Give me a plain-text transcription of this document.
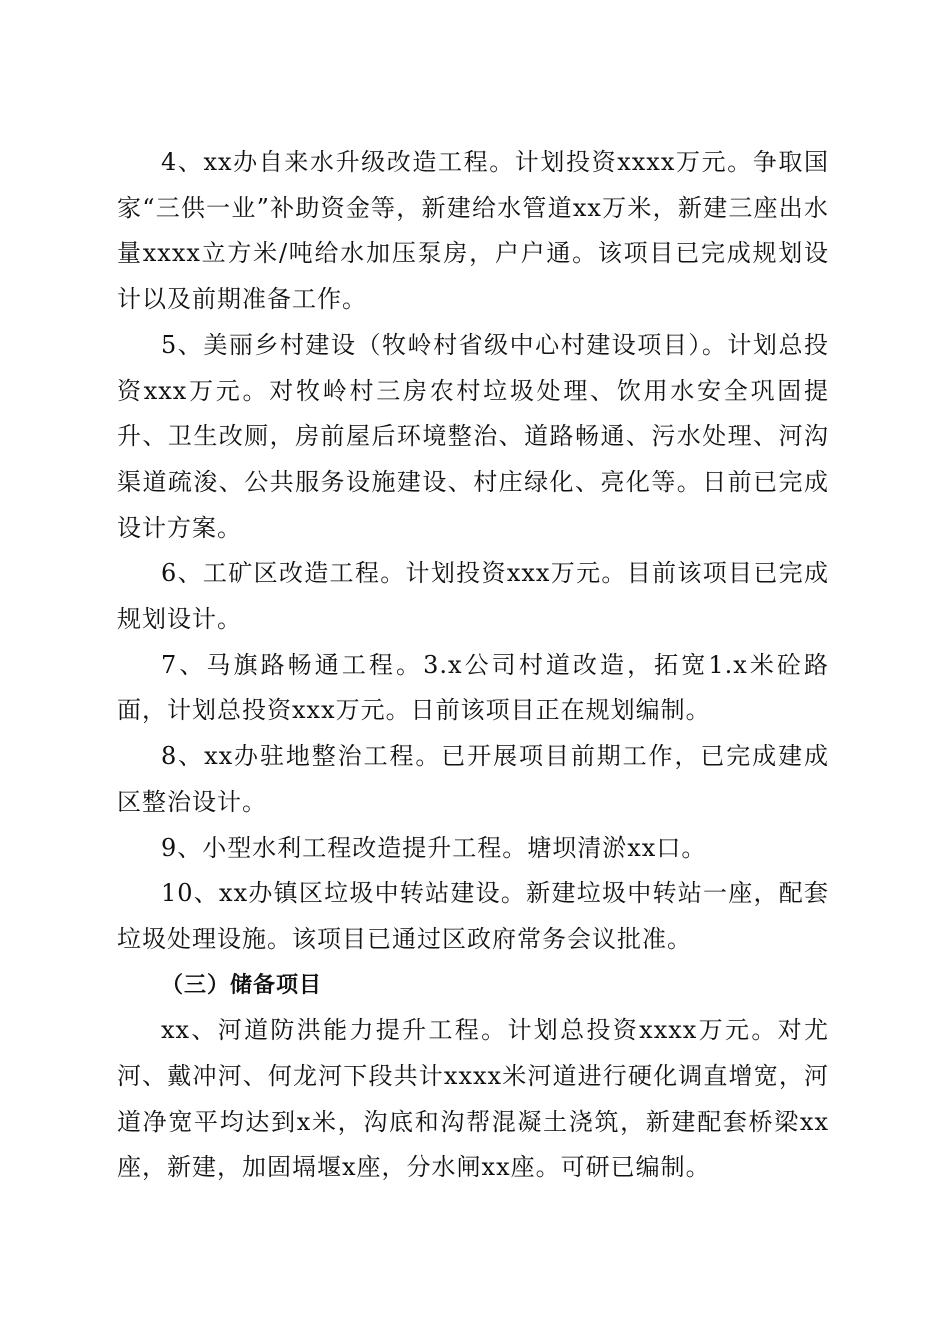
4、xx办自来水升级改造工程。计划投资xxxx万元。争取国家“三供一业”补助资金等，新建给水管道xx万米，新建三座出水量xxxx立方米/吨给水加压泵房，户户通。该项目已完成规划设计以及前期准备工作。

5、美丽乡村建设（牧岭村省级中心村建设项目）。计划总投资xxx万元。对牧岭村三房农村垃圾处理、饮用水安全巩固提升、卫生改厕，房前屋后环境整治、道路畅通、污水处理、河沟渠道疏浚、公共服务设施建设、村庄绿化、亮化等。日前已完成设计方案。

6、工矿区改造工程。计划投资xxx万元。目前该项目已完成规划设计。

7、马旗路畅通工程。3.x公司村道改造，拓宽1.x米砼路面，计划总投资xxx万元。日前该项目正在规划编制。

8、xx办驻地整治工程。已开展项目前期工作，已完成建成区整治设计。

9、小型水利工程改造提升工程。塘坝清淤xx口。

10、xx办镇区垃圾中转站建设。新建垃圾中转站一座，配套垃圾处理设施。该项目已通过区政府常务会议批准。

（三）储备项目

xx、河道防洪能力提升工程。计划总投资xxxx万元。对尤河、戴冲河、何龙河下段共计xxxx米河道进行硬化调直增宽，河道净宽平均达到x米，沟底和沟帮混凝土浇筑，新建配套桥梁xx座，新建，加固塥堰x座，分水闸xx座。可研已编制。
